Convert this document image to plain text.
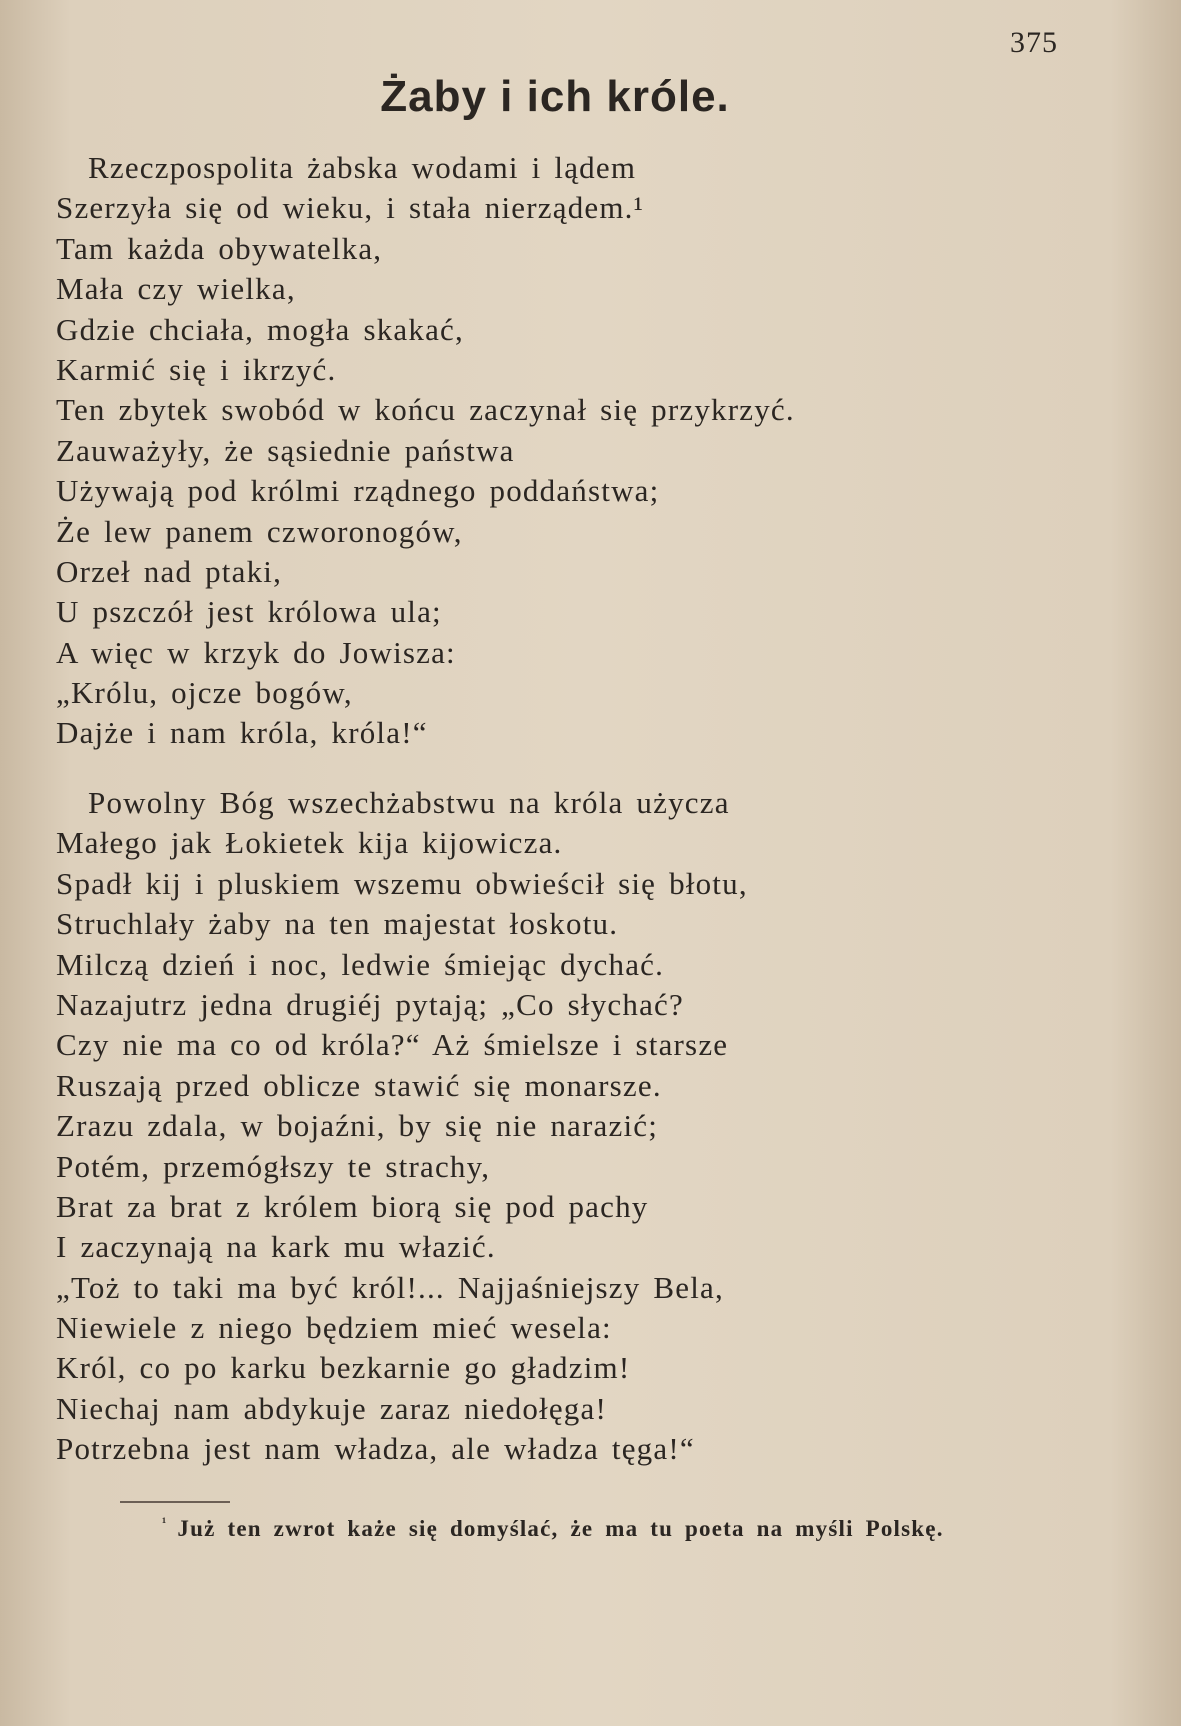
375
Żaby i ich króle.
Rzeczpospolita żabska wodami i lądem
Szerzyła się od wieku, i stała nierządem.¹
Tam każda obywatelka,
Mała czy wielka,
Gdzie chciała, mogła skakać,
Karmić się i ikrzyć.
Ten zbytek swobód w końcu zaczynał się przykrzyć.
Zauważyły, że sąsiednie państwa
Używają pod królmi rządnego poddaństwa;
Że lew panem czworonogów,
Orzeł nad ptaki,
U pszczół jest królowa ula;
A więc w krzyk do Jowisza:
„Królu, ojcze bogów,
Dajże i nam króla, króla!“
Powolny Bóg wszechżabstwu na króla użycza
Małego jak Łokietek kija kijowicza.
Spadł kij i pluskiem wszemu obwieścił się błotu,
Struchlały żaby na ten majestat łoskotu.
Milczą dzień i noc, ledwie śmiejąc dychać.
Nazajutrz jedna drugiéj pytają; „Co słychać?
Czy nie ma co od króla?“ Aż śmielsze i starsze
Ruszają przed oblicze stawić się monarsze.
Zrazu zdala, w bojaźni, by się nie narazić;
Potém, przemógłszy te strachy,
Brat za brat z królem biorą się pod pachy
I zaczynają na kark mu włazić.
„Toż to taki ma być król!... Najjaśniejszy Bela,
Niewiele z niego będziem mieć wesela:
Król, co po karku bezkarnie go gładzim!
Niechaj nam abdykuje zaraz niedołęga!
Potrzebna jest nam władza, ale władza tęga!“
$^{^1}$ Już ten zwrot każe się domyślać, że ma tu poeta na myśli Polskę.
